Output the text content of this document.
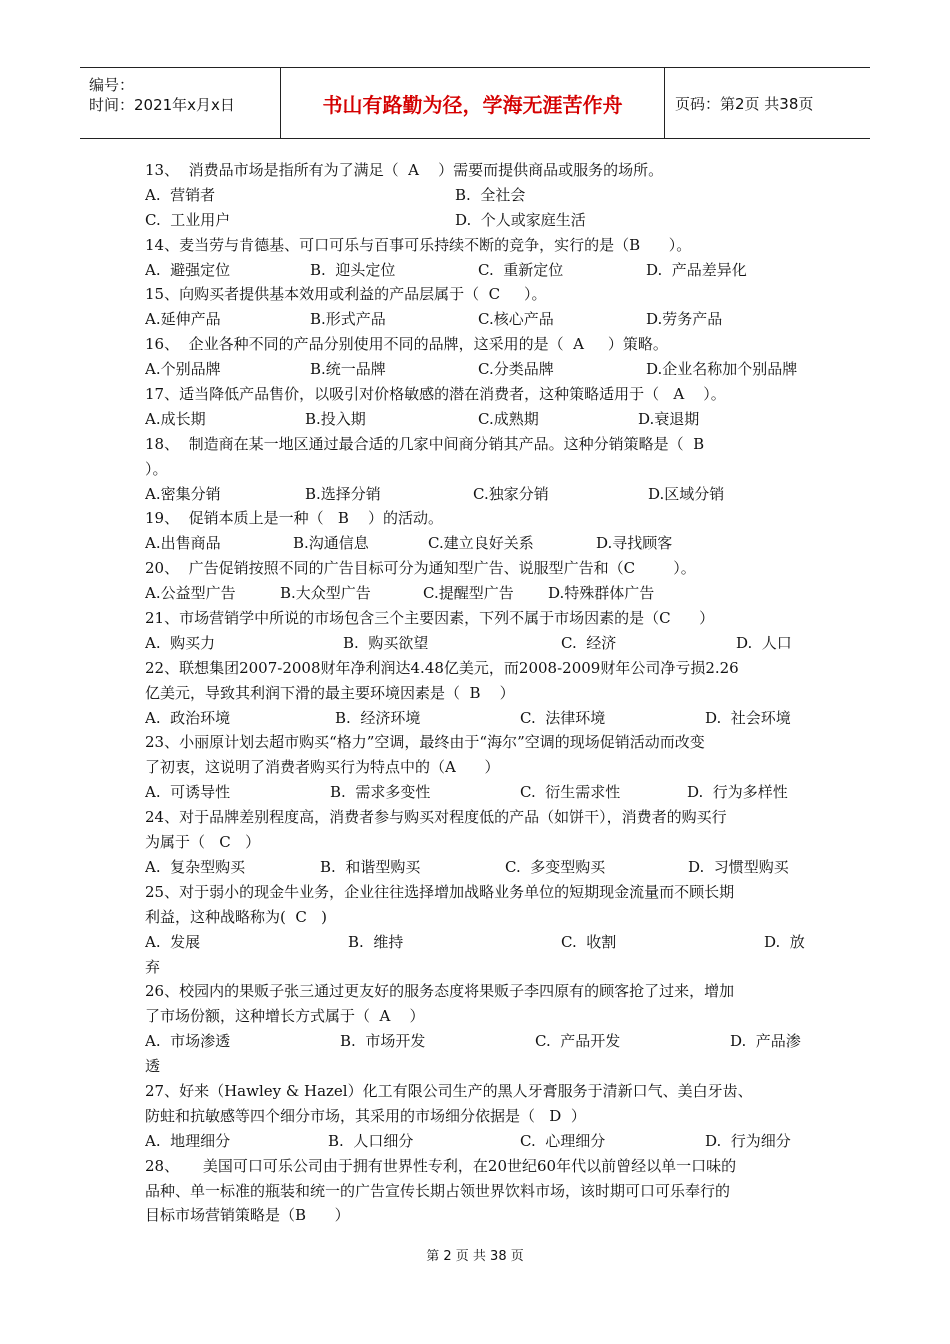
编号：
时间：2021年x月x日	书山有路勤为径，学海无涯苦作舟	页码：第2页 共38页
13、  消费品市场是指所有为了满足（  A    ）需要而提供商品或服务的场所。
A.  营销者	B.  全社会
C.  工业用户	D.  个人或家庭生活
14、麦当劳与肯德基、可口可乐与百事可乐持续不断的竞争，实行的是（B      ）。
A.  避强定位	B.  迎头定位	C.  重新定位	D.  产品差异化
15、向购买者提供基本效用或利益的产品层属于（  C     ）。
A.延伸产品	B.形式产品	C.核心产品	D.劳务产品
16、  企业各种不同的产品分别使用不同的品牌，这采用的是（  A     ）策略。
A.个别品牌	B.统一品牌	C.分类品牌	D.企业名称加个别品牌
17、适当降低产品售价，以吸引对价格敏感的潜在消费者，这种策略适用于（   A    ）。
A.成长期	B.投入期	C.成熟期	D.衰退期
18、  制造商在某一地区通过最合适的几家中间商分销其产品。这种分销策略是（  B
）。
A.密集分销	B.选择分销	C.独家分销	D.区域分销
19、  促销本质上是一种（   B    ）的活动。
A.出售商品	B.沟通信息	C.建立良好关系	D.寻找顾客
20、  广告促销按照不同的广告目标可分为通知型广告、说服型广告和（C        ）。
A.公益型广告	B.大众型广告	C.提醒型广告	D.特殊群体广告
21、市场营销学中所说的市场包含三个主要因素，下列不属于市场因素的是（C      ）
A.  购买力	B.  购买欲望	C.  经济	D.  人口
22、联想集团2007-2008财年净利润达4.48亿美元，而2008-2009财年公司净亏损2.26
亿美元，导致其利润下滑的最主要环境因素是（  B    ）
A.  政治环境	B.  经济环境	C.  法律环境	D.  社会环境
23、小丽原计划去超市购买“格力”空调，最终由于“海尔”空调的现场促销活动而改变
了初衷，这说明了消费者购买行为特点中的（A      ）
A.  可诱导性	B.  需求多变性	C.  衍生需求性	D.  行为多样性
24、对于品牌差别程度高，消费者参与购买对程度低的产品（如饼干），消费者的购买行
为属于（   C   ）
A.  复杂型购买	B.  和谐型购买	C.  多变型购买	D.  习惯型购买
25、对于弱小的现金牛业务，企业往往选择增加战略业务单位的短期现金流量而不顾长期
利益，这种战略称为(  C   )
A.  发展	B.  维持	C.  收割	D.  放
弃
26、校园内的果贩子张三通过更友好的服务态度将果贩子李四原有的顾客抢了过来，增加
了市场份额，这种增长方式属于（  A    ）
A.  市场渗透	B.  市场开发	C.  产品开发	D.  产品渗
透
27、好来（Hawley & Hazel）化工有限公司生产的黑人牙膏服务于清新口气、美白牙齿、
防蛀和抗敏感等四个细分市场，其采用的市场细分依据是（   D  ）
A.  地理细分	B.  人口细分	C.  心理细分	D.  行为细分
28、     美国可口可乐公司由于拥有世界性专利，在20世纪60年代以前曾经以单一口味的
品种、单一标准的瓶装和统一的广告宣传长期占领世界饮料市场，该时期可口可乐奉行的
目标市场营销策略是（B      ）
第 2 页 共 38 页
